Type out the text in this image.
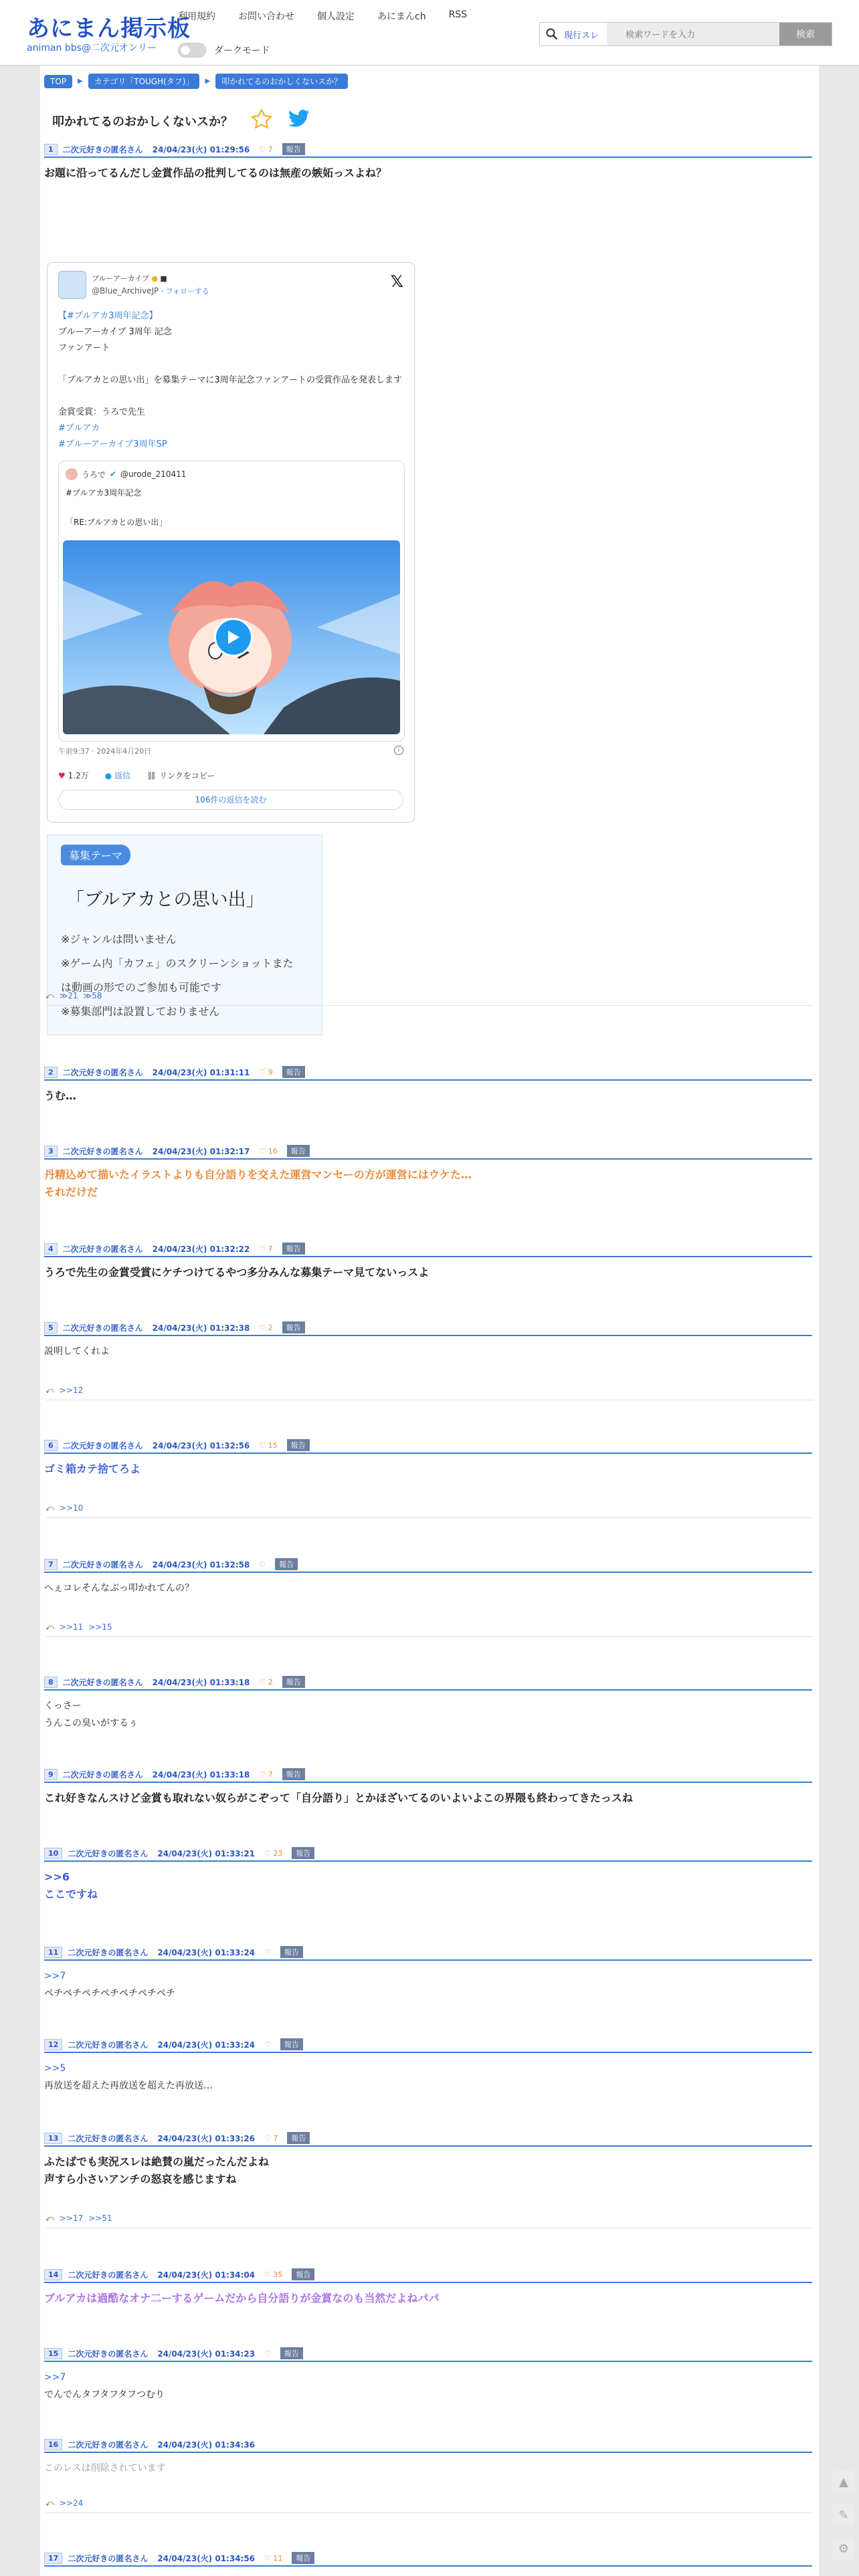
あにまん掲示板
animan bbs@二次元オンリー
利用規約 お問い合わせ 個人設定 あにまんch RSS
ダークモード
現行スレ
検索ワードを入力	検索
TOP	▶	カテゴリ「TOUGH(タフ)」	▶	叩かれてるのおかしくないスか？
叩かれてるのおかしくないスか？
1	二次元好きの匿名さん 24/04/23(火) 01:29:56 ♡ 7	報告
お題に沿ってるんだし金賞作品の批判してるのは無産の嫉妬っスよね？
ブルーアーカイブ ● ■
@Blue_ArchiveJP · フォローする	𝕏
【#ブルアカ3周年記念】
ブルーアーカイブ 3周年 記念
ファンアート
「ブルアカとの思い出」を募集テーマに3周年記念ファンアートの受賞作品を発表します
金賞受賞：うろで先生
#ブルアカ
#ブルーアーカイブ3周年SP
うろで ✔ @urode_210411
#ブルアカ3周年記念
「RE:ブルアカとの思い出」
午前9:37 · 2024年4月20日	i
♥ 1.2万 ● 返信 ⛓ リンクをコピー
106件の返信を読む
募集テーマ
「ブルアカとの思い出」
※ジャンルは問いません
※ゲーム内「カフェ」のスクリーンショットまた
は動画の形でのご参加も可能です
※募集部門は設置しておりません
⤺ ≫21 ≫58
2	二次元好きの匿名さん 24/04/23(火) 01:31:11 ♡ 9	報告
うむ…
3	二次元好きの匿名さん 24/04/23(火) 01:32:17 ♡ 16	報告
丹精込めて描いたイラストよりも自分語りを交えた運営マンセーの方が運営にはウケた…
それだけだ
4	二次元好きの匿名さん 24/04/23(火) 01:32:22 ♡ 7	報告
うろで先生の金賞受賞にケチつけてるやつ多分みんな募集テーマ見てないっスよ
5	二次元好きの匿名さん 24/04/23(火) 01:32:38 ♡ 2	報告
説明してくれよ
⤺ >>12
6	二次元好きの匿名さん 24/04/23(火) 01:32:56 ♡ 15	報告
ゴミ箱カテ捨てろよ
⤺ >>10
7	二次元好きの匿名さん 24/04/23(火) 01:32:58 ♡	報告
へぇコレそんなぶっ叩かれてんの？
⤺ >>11 >>15
8	二次元好きの匿名さん 24/04/23(火) 01:33:18 ♡ 2	報告
くっさー
うんこの臭いがするぅ
9	二次元好きの匿名さん 24/04/23(火) 01:33:18 ♡ 7	報告
これ好きなんスけど金賞も取れない奴らがこぞって「自分語り」とかほざいてるのいよいよこの界隈も終わってきたっスね
10	二次元好きの匿名さん 24/04/23(火) 01:33:21 ♡ 23	報告
>>6
ここですね
11	二次元好きの匿名さん 24/04/23(火) 01:33:24 ♡	報告
>>7
ペチペチペチペチペチペチペチ
12	二次元好きの匿名さん 24/04/23(火) 01:33:24 ♡	報告
>>5
再放送を超えた再放送を超えた再放送…
13	二次元好きの匿名さん 24/04/23(火) 01:33:26 ♡ 7	報告
ふたばでも実況スレは絶賛の嵐だったんだよね
声すら小さいアンチの怒哀を感じますね
⤺ >>17 >>51
14	二次元好きの匿名さん 24/04/23(火) 01:34:04 ♡ 35	報告
ブルアカは過酷なオナ二ーするゲームだから自分語りが金賞なのも当然だよねパパ
15	二次元好きの匿名さん 24/04/23(火) 01:34:23 ♡	報告
>>7
でんでんタフタフタフつむり
16	二次元好きの匿名さん 24/04/23(火) 01:34:36
このレスは削除されています
⤺ >>24
17	二次元好きの匿名さん 24/04/23(火) 01:34:56 ♡ 11	報告
▲
✎
⚙
